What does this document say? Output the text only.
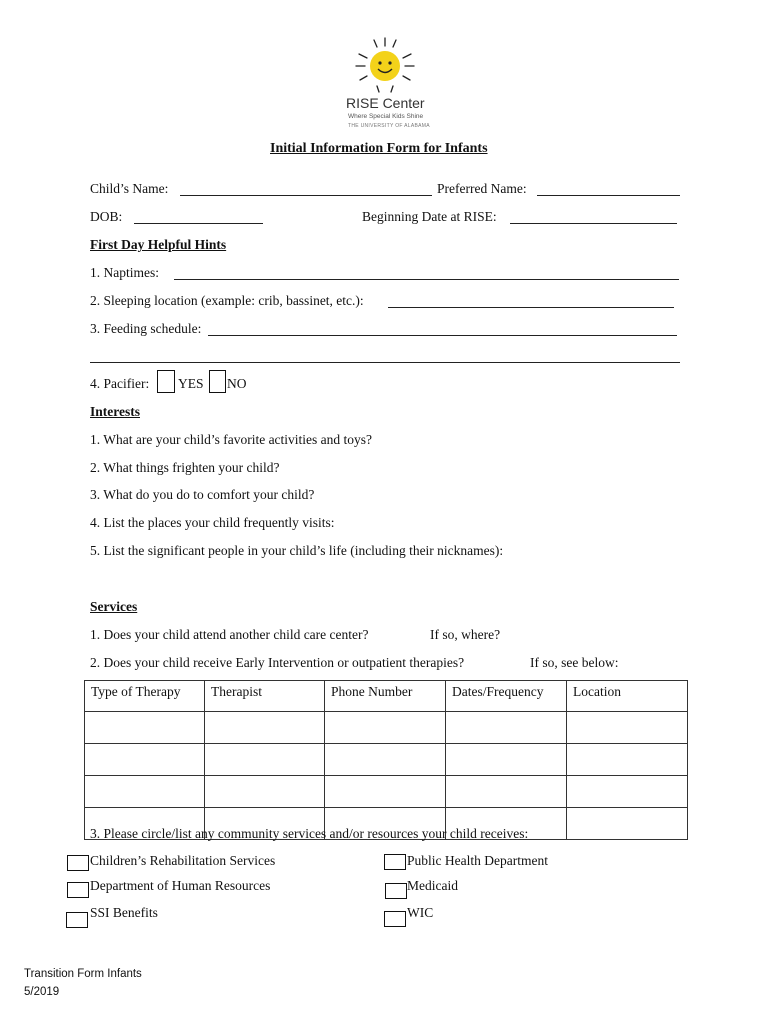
RISE Center
Where Special Kids Shine
THE UNIVERSITY OF ALABAMA
Initial Information Form for Infants
Child’s Name:	Preferred Name:
DOB:	Beginning Date at RISE:
First Day Helpful Hints
1. Naptimes:
2. Sleeping location (example: crib, bassinet, etc.):
3. Feeding schedule:
4. Pacifier: YES NO
Interests
1. What are your child’s favorite activities and toys?
2. What things frighten your child?
3. What do you do to comfort your child?
4. List the places your child frequently visits:
5. List the significant people in your child’s life (including their nicknames):
Services
1. Does your child attend another child care center?	If so, where?
2. Does your child receive Early Intervention or outpatient therapies?	If so, see below:
Type of Therapy	Therapist	Phone Number	Dates/Frequency	Location

3. Please circle/list any community services and/or resources your child receives:
Children’s Rehabilitation Services
Department of Human Resources
SSI Benefits
Public Health Department
Medicaid
WIC
Transition Form Infants
5/2019
